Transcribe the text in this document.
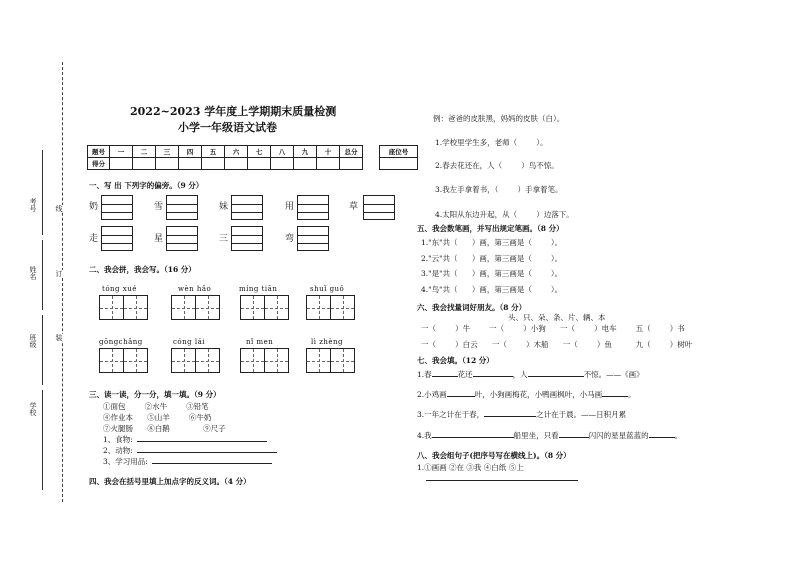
考号
姓名
班级
学校
线
订
装
2022~2023 学年度上学期期末质量检测
小学一年级语文试卷
题号	一	二	三	四	五	六	七	八	九	十	总分
得分											
座位号

一、写 出 下列字的偏旁。（9 分）
奶	雪	妹	用	草
走	星	三	弯
二、我会拼，我会写。（16 分）
tóng xué	wèn hǎo	míng tiān	shuǐ guǒ
gōngchǎng	cóng lái	nǐ men	lì zhèng
三、读一读，分一分，填一填。（9 分）
①面包        ②水牛        ③铅笔
④作业本      ⑤山羊        ⑥牛奶
⑦火腿肠      ⑧白鹅              ⑨尺子
1、食物:
2、动物:
3、学习用品:
四、我会在括号里填上加点字的反义词。（4 分）
例：爸爸的皮肤黑，妈妈的皮肤（白）。
1.学校里学生多，老师（        ）。
2.春去花还在，人（        ）鸟不惊。
3.我左手拿着书，（        ）手拿着笔。
4.太阳从东边升起，从（        ）边落下。
五、我会数笔画，并写出规定笔画。（8 分）
1."东"共（      ）画，第三画是（        ）。
2."云"共（      ）画，第三画是（        ）。
3."是"共（      ）画，第三画是（        ）。
4."鸟"共（      ）画，第三画是（        ）。
六、我会找量词好朋友。（8 分）
头、只、朵、条、片、辆、本
一（        ）牛        一（        ）小狗      一（        ）电车        五（        ）书
一（        ）白云      一（        ）木船      一（        ）鱼          九（        ）树叶
七、我会填。（12 分）
1.春	花还	，人	不惊。——《画》
2.小鸡画	叶，小狗画梅花，小鸭画枫叶，小马画	。
3.一年之计在于春，	之计在于晨。——日积月累
4.我	船里坐，只看	闪闪的星星蓝蓝的	。
八、我会组句子(把序号写在横线上)。（8 分）
1.①画画 ②在 ③我 ④白纸 ⑤上
